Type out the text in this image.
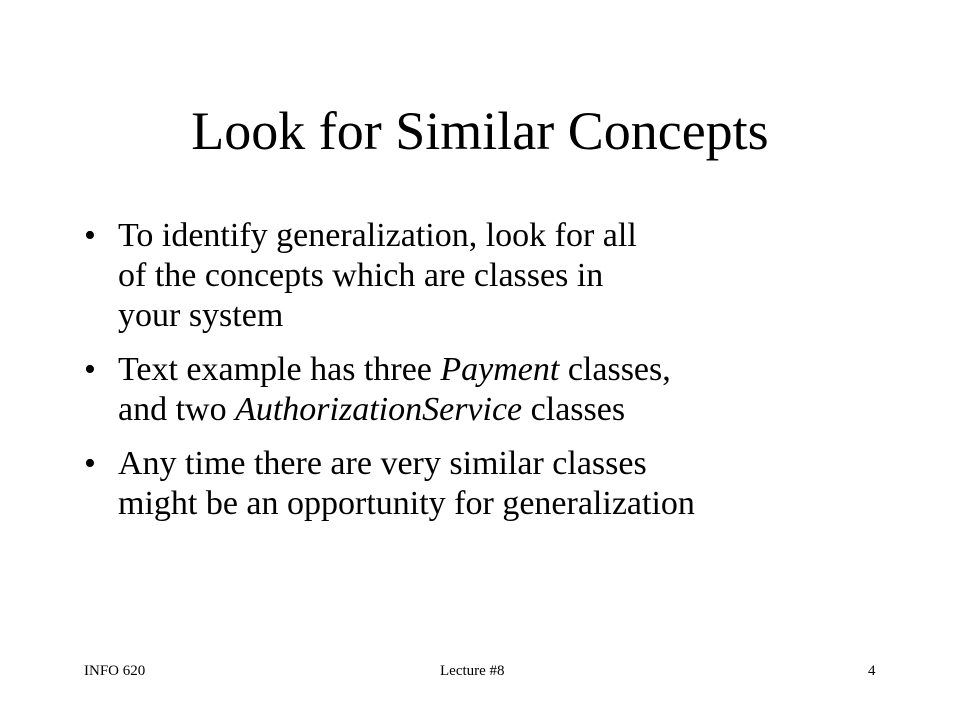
Look for Similar Concepts
• To identify generalization, look for all
of the concepts which are classes in
your system
• Text example has three Payment classes,
and two AuthorizationService classes
• Any time there are very similar classes
might be an opportunity for generalization
INFO 620	Lecture #8	4
